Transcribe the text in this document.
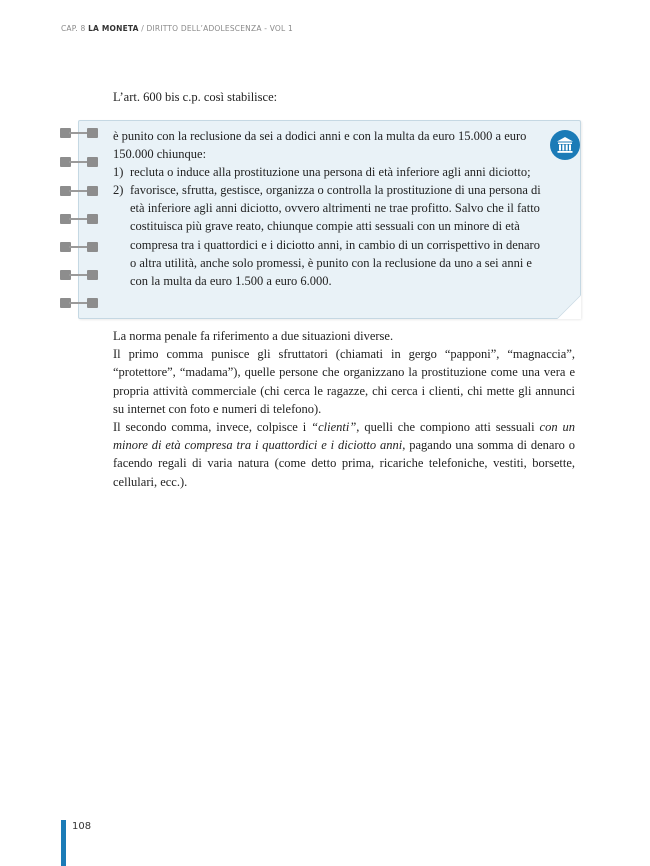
CAP. 8 LA MONETA / DIRITTO DELL’ADOLESCENZA - VOL 1
L’art. 600 bis c.p. così stabilisce:

è punito con la reclusione da sei a dodici anni e con la multa da euro 15.000 a euro 150.000 chiunque:

1) recluta o induce alla prostituzione una persona di età inferiore agli anni diciotto;
2) favorisce, sfrutta, gestisce, organizza o controlla la prostituzione di una persona di età inferiore agli anni diciotto, ovvero altrimenti ne trae profitto. Salvo che il fatto costituisca più grave reato, chiunque compie atti sessuali con un minore di età compresa tra i quattordici e i diciotto anni, in cambio di un corrispettivo in denaro o altra utilità, anche solo promessi, è punito con la reclusione da uno a sei anni e con la multa da euro 1.500 a euro 6.000.

La norma penale fa riferimento a due situazioni diverse.

Il primo comma punisce gli sfruttatori (chiamati in gergo “papponi”, “magnaccia”, “protettore”, “madama”), quelle persone che organizzano la prostituzione come una vera e propria attività commerciale (chi cerca le ragazze, chi cerca i clienti, chi mette gli annunci su internet con foto e numeri di telefono).

Il secondo comma, invece, colpisce i “clienti”, quelli che compiono atti sessuali con un minore di età compresa tra i quattordici e i diciotto anni, pagando una somma di denaro o facendo regali di varia natura (come detto prima, ricariche telefoniche, vestiti, borsette, cellulari, ecc.).

108
